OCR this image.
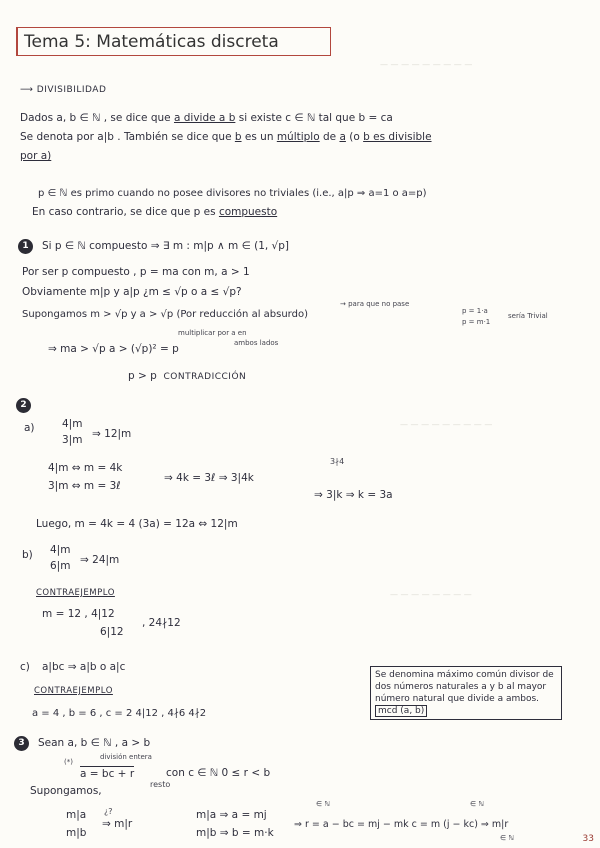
— — — — — — — — —
— — — — — — — — —
— — — — — — — —
Tema 5: Matemáticas discreta
⟶ DIVISIBILIDAD
Dados a, b ∈ ℕ , se dice que a divide a b si existe c ∈ ℕ tal que b = ca
Se denota por a|b . También se dice que b es un múltiplo de a (o b es divisible
por a)
p ∈ ℕ es primo cuando no posee divisores no triviales (i.e., a|p ⇒ a=1 o a=p)
En caso contrario, se dice que p es compuesto
1	Si p ∈ ℕ compuesto ⇒ ∃ m : m|p ∧ m ∈ (1, √p]
Por ser p compuesto , p = ma con m, a > 1
Obviamente m|p y a|p ¿m ≤ √p o a ≤ √p?
→ para que no pase
p = 1·a
p = m·1
sería Trivial
Supongamos m > √p y a > √p (Por reducción al absurdo)
multiplicar por a en
ambos lados
⇒ ma > √p a > (√p)² = p
p > p CONTRADICCIÓN
2
a)	4|m
3|m ⇒ 12|m
4|m ⇔ m = 4k
3|m ⇔ m = 3ℓ
⇒ 4k = 3ℓ ⇒ 3|4k
3∤4
⇒ 3|k ⇒ k = 3a
Luego, m = 4k = 4 (3a) = 12a ⇔ 12|m
b) 4|m
6|m ⇒ 24|m
CONTRAEJEMPLO
m = 12 , 4|12
6|12
, 24∤12
c) a|bc ⇒ a|b o a|c
CONTRAEJEMPLO
a = 4 , b = 6 , c = 2 4|12 , 4∤6 4∤2
Se denomina máximo común divisor de dos números naturales a y b al mayor número natural que divide a ambos. mcd (a, b)
3	Sean a, b ∈ ℕ , a > b
(*)
división entera
a = bc + r	con c ∈ ℕ 0 ≤ r < b
resto
Supongamos,
m|a ¿?
⇒ m|r
m|b
m|a ⇒ a = mj
m|b ⇒ b = m·k
∈ ℕ	∈ ℕ
⇒ r = a − bc = mj − mk c = m (j − kc) ⇒ m|r
∈ ℕ	33
